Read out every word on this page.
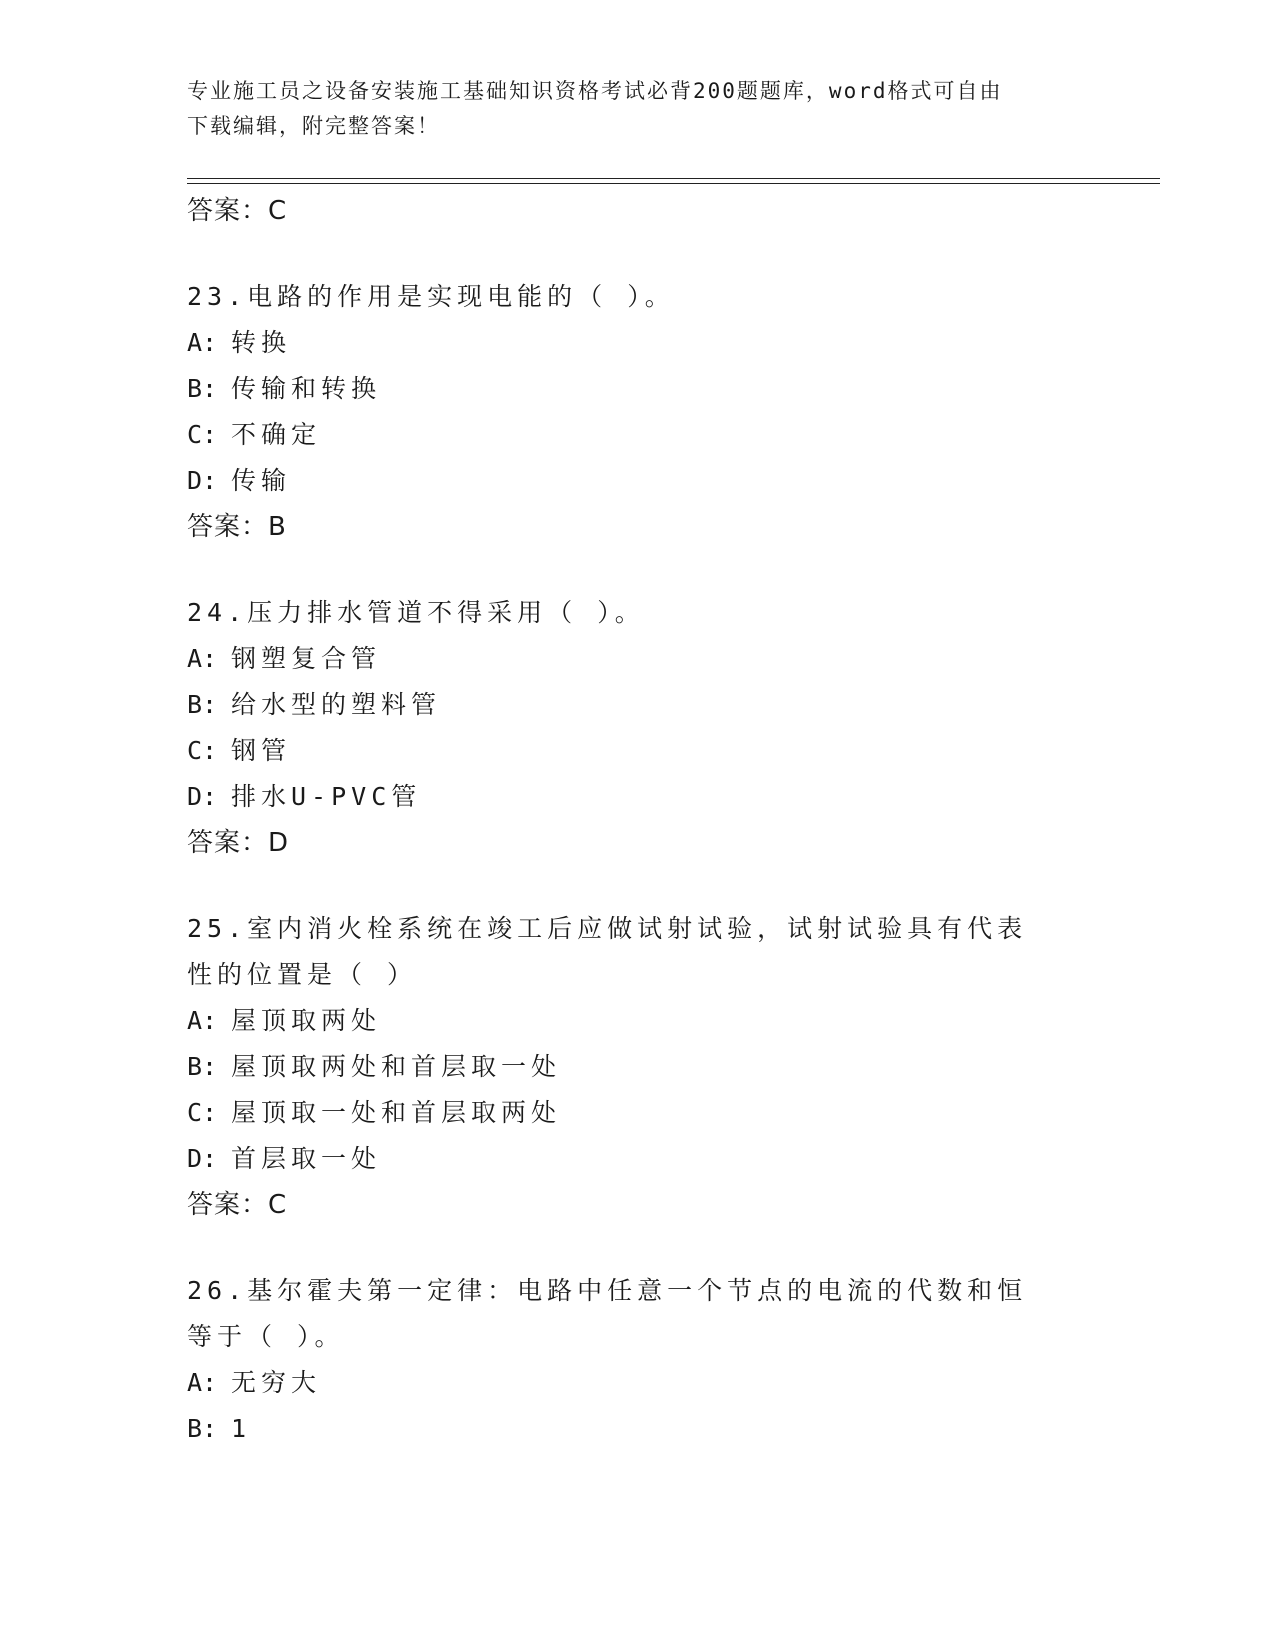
专业施工员之设备安装施工基础知识资格考试必背200题题库，word格式可自由
下载编辑，附完整答案！
答案：C
23.电路的作用是实现电能的（ ）。
A: 转换
B: 传输和转换
C: 不确定
D: 传输
答案：B
24.压力排水管道不得采用（ ）。
A: 钢塑复合管
B: 给水型的塑料管
C: 钢管
D: 排水U-PVC管
答案：D
25.室内消火栓系统在竣工后应做试射试验，试射试验具有代表性的位置是（ ）
A: 屋顶取两处
B: 屋顶取两处和首层取一处
C: 屋顶取一处和首层取两处
D: 首层取一处
答案：C
26.基尔霍夫第一定律：电路中任意一个节点的电流的代数和恒等于（ ）。
A: 无穷大
B: 1
